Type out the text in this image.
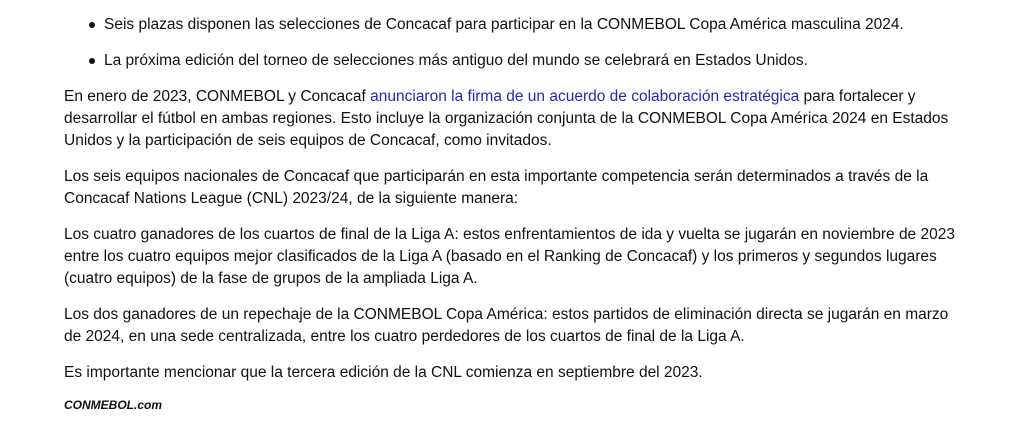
Seis plazas disponen las selecciones de Concacaf para participar en la CONMEBOL Copa América masculina 2024.
La próxima edición del torneo de selecciones más antiguo del mundo se celebrará en Estados Unidos.

En enero de 2023, CONMEBOL y Concacaf anunciaron la firma de un acuerdo de colaboración estratégica para fortalecer y desarrollar el fútbol en ambas regiones. Esto incluye la organización conjunta de la CONMEBOL Copa América 2024 en Estados Unidos y la participación de seis equipos de Concacaf, como invitados.

Los seis equipos nacionales de Concacaf que participarán en esta importante competencia serán determinados a través de la Concacaf Nations League (CNL) 2023/24, de la siguiente manera:

Los cuatro ganadores de los cuartos de final de la Liga A: estos enfrentamientos de ida y vuelta se jugarán en noviembre de 2023 entre los cuatro equipos mejor clasificados de la Liga A (basado en el Ranking de Concacaf) y los primeros y segundos lugares (cuatro equipos) de la fase de grupos de la ampliada Liga A.

Los dos ganadores de un repechaje de la CONMEBOL Copa América: estos partidos de eliminación directa se jugarán en marzo de 2024, en una sede centralizada, entre los cuatro perdedores de los cuartos de final de la Liga A.

Es importante mencionar que la tercera edición de la CNL comienza en septiembre del 2023.

CONMEBOL.com
